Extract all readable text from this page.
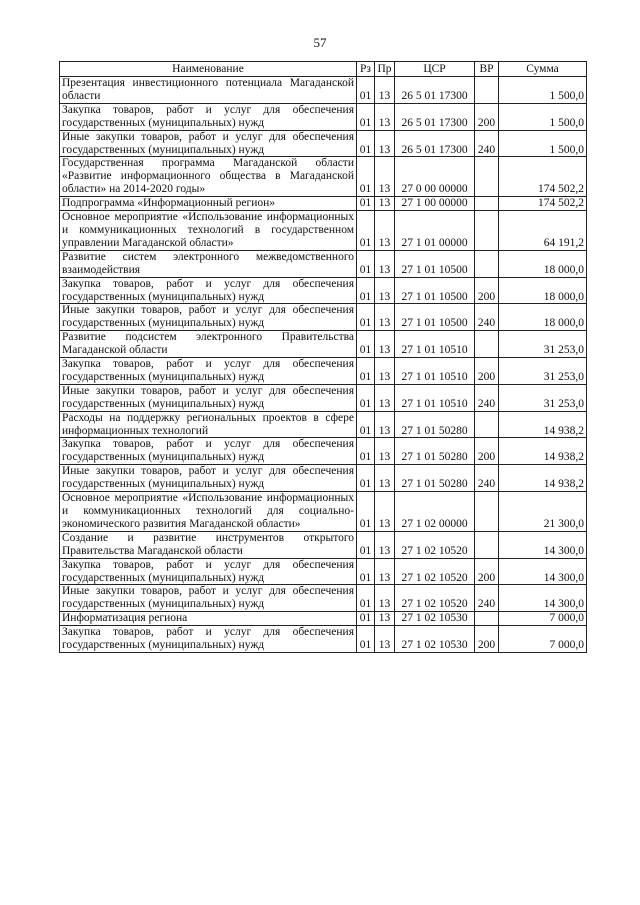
57
Наименование	Рз	Пр	ЦСР	ВР	Сумма
Презентация инвестиционного потенциала Магаданской области	01	13	26 5 01 17300		1 500,0
Закупка товаров, работ и услуг для обеспечения государственных (муниципальных) нужд	01	13	26 5 01 17300	200	1 500,0
Иные закупки товаров, работ и услуг для обеспечения государственных (муниципальных) нужд	01	13	26 5 01 17300	240	1 500,0
Государственная программа Магаданской области «Развитие информационного общества в Магаданской области» на 2014-2020 годы»	01	13	27 0 00 00000		174 502,2
Подпрограмма «Информационный регион»	01	13	27 1 00 00000		174 502,2
Основное мероприятие «Использование информационных и коммуникационных технологий в государственном управлении Магаданской области»	01	13	27 1 01 00000		64 191,2
Развитие систем электронного межведомственного взаимодействия	01	13	27 1 01 10500		18 000,0
Закупка товаров, работ и услуг для обеспечения государственных (муниципальных) нужд	01	13	27 1 01 10500	200	18 000,0
Иные закупки товаров, работ и услуг для обеспечения государственных (муниципальных) нужд	01	13	27 1 01 10500	240	18 000,0
Развитие подсистем электронного Правительства Магаданской области	01	13	27 1 01 10510		31 253,0
Закупка товаров, работ и услуг для обеспечения государственных (муниципальных) нужд	01	13	27 1 01 10510	200	31 253,0
Иные закупки товаров, работ и услуг для обеспечения государственных (муниципальных) нужд	01	13	27 1 01 10510	240	31 253,0
Расходы на поддержку региональных проектов в сфере информационных технологий	01	13	27 1 01 50280		14 938,2
Закупка товаров, работ и услуг для обеспечения государственных (муниципальных) нужд	01	13	27 1 01 50280	200	14 938,2
Иные закупки товаров, работ и услуг для обеспечения государственных (муниципальных) нужд	01	13	27 1 01 50280	240	14 938,2
Основное мероприятие «Использование информационных и коммуникационных технологий для социально-экономического развития Магаданской области»	01	13	27 1 02 00000		21 300,0
Создание и развитие инструментов открытого Правительства Магаданской области	01	13	27 1 02 10520		14 300,0
Закупка товаров, работ и услуг для обеспечения государственных (муниципальных) нужд	01	13	27 1 02 10520	200	14 300,0
Иные закупки товаров, работ и услуг для обеспечения государственных (муниципальных) нужд	01	13	27 1 02 10520	240	14 300,0
Информатизация региона	01	13	27 1 02 10530		7 000,0
Закупка товаров, работ и услуг для обеспечения государственных (муниципальных) нужд	01	13	27 1 02 10530	200	7 000,0
